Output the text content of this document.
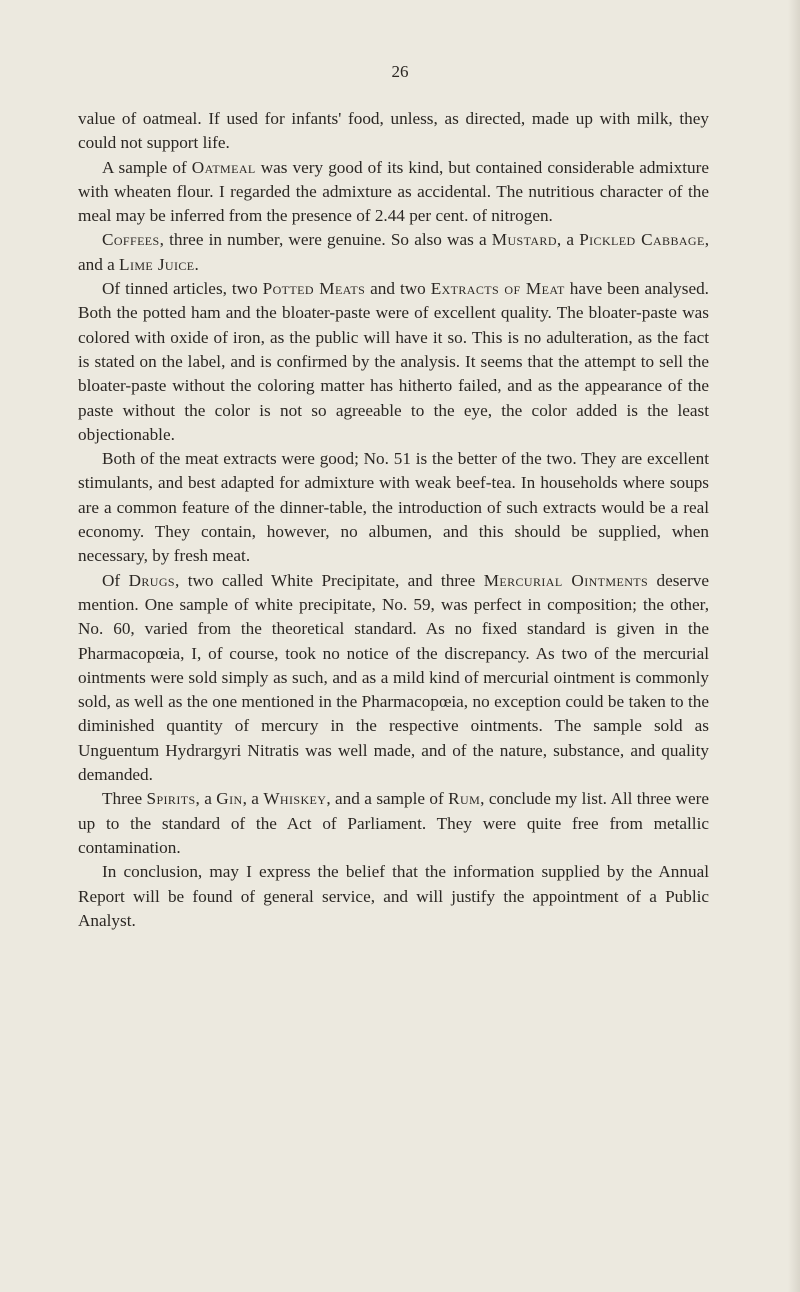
26

value of oatmeal. If used for infants' food, unless, as directed, made up with milk, they could not support life.

A sample of Oatmeal was very good of its kind, but contained considerable admixture with wheaten flour. I regarded the admixture as accidental. The nutritious character of the meal may be inferred from the presence of 2.44 per cent. of nitrogen.

Coffees, three in number, were genuine. So also was a Mustard, a Pickled Cabbage, and a Lime Juice.

Of tinned articles, two Potted Meats and two Extracts of Meat have been analysed. Both the potted ham and the bloater-paste were of excellent quality. The bloater-paste was colored with oxide of iron, as the public will have it so. This is no adulteration, as the fact is stated on the label, and is confirmed by the analysis. It seems that the attempt to sell the bloater-paste without the coloring matter has hitherto failed, and as the appearance of the paste without the color is not so agreeable to the eye, the color added is the least objectionable.

Both of the meat extracts were good; No. 51 is the better of the two. They are excellent stimulants, and best adapted for admixture with weak beef-tea. In households where soups are a common feature of the dinner-table, the introduction of such extracts would be a real economy. They contain, however, no albumen, and this should be supplied, when necessary, by fresh meat.

Of Drugs, two called White Precipitate, and three Mercurial Ointments deserve mention. One sample of white precipitate, No. 59, was perfect in composition; the other, No. 60, varied from the theoretical standard. As no fixed standard is given in the Pharmacopœia, I, of course, took no notice of the discrepancy. As two of the mercurial ointments were sold simply as such, and as a mild kind of mercurial ointment is commonly sold, as well as the one mentioned in the Pharmacopœia, no exception could be taken to the diminished quantity of mercury in the respective ointments. The sample sold as Unguentum Hydrargyri Nitratis was well made, and of the nature, substance, and quality demanded.

Three Spirits, a Gin, a Whiskey, and a sample of Rum, conclude my list. All three were up to the standard of the Act of Parliament. They were quite free from metallic contamination.

In conclusion, may I express the belief that the information supplied by the Annual Report will be found of general service, and will justify the appointment of a Public Analyst.
